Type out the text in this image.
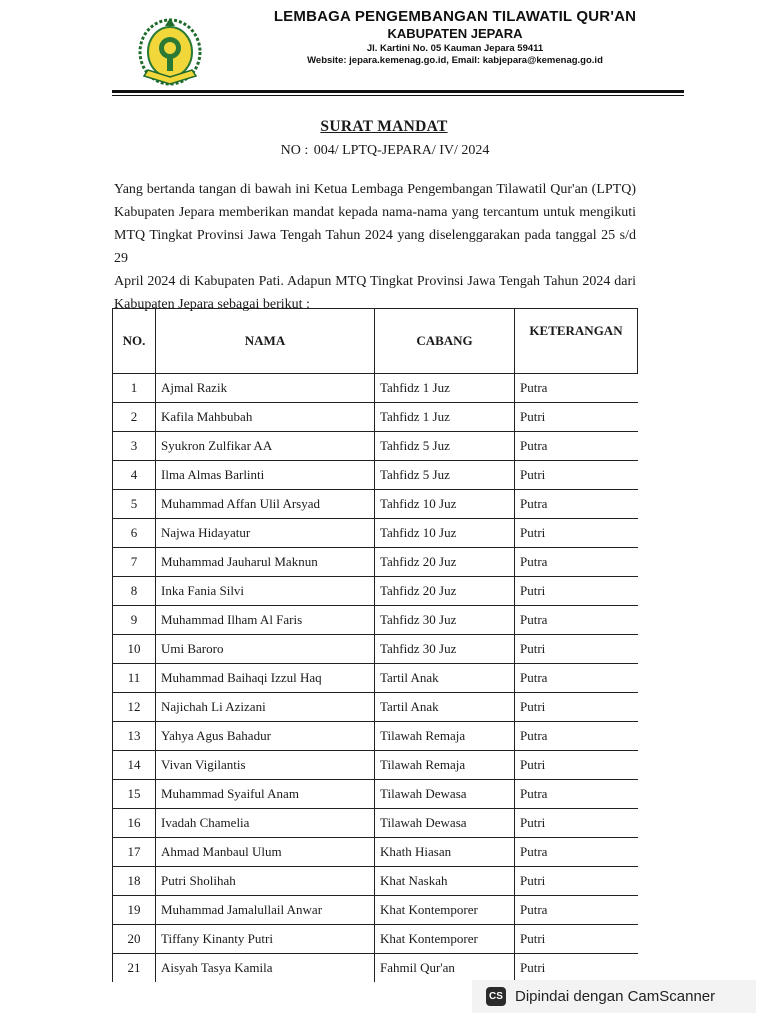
LEMBAGA PENGEMBANGAN TILAWATIL QUR'AN
KABUPATEN JEPARA
Jl. Kartini No. 05 Kauman Jepara 59411
Website: jepara.kemenag.go.id, Email: kabjepara@kemenag.go.id
SURAT MANDAT
NO : 004/ LPTQ-JEPARA/ IV/ 2024
Yang bertanda tangan di bawah ini Ketua Lembaga Pengembangan Tilawatil Qur'an (LPTQ)
Kabupaten Jepara memberikan mandat kepada nama-nama yang tercantum untuk mengikuti
MTQ Tingkat Provinsi Jawa Tengah Tahun 2024 yang diselenggarakan pada tanggal 25 s/d 29
April 2024 di Kabupaten Pati. Adapun MTQ Tingkat Provinsi Jawa Tengah Tahun 2024 dari
Kabupaten Jepara sebagai berikut :
NO.	NAMA	CABANG	KETERANGAN
1	Ajmal Razik	Tahfidz 1 Juz	Putra
2	Kafila Mahbubah	Tahfidz 1 Juz	Putri
3	Syukron Zulfikar AA	Tahfidz 5 Juz	Putra
4	Ilma Almas Barlinti	Tahfidz 5 Juz	Putri
5	Muhammad Affan Ulil Arsyad	Tahfidz 10 Juz	Putra
6	Najwa Hidayatur	Tahfidz 10 Juz	Putri
7	Muhammad Jauharul Maknun	Tahfidz 20 Juz	Putra
8	Inka Fania Silvi	Tahfidz 20 Juz	Putri
9	Muhammad Ilham Al Faris	Tahfidz 30 Juz	Putra
10	Umi Baroro	Tahfidz 30 Juz	Putri
11	Muhammad Baihaqi Izzul Haq	Tartil Anak	Putra
12	Najichah Li Azizani	Tartil Anak	Putri
13	Yahya Agus Bahadur	Tilawah Remaja	Putra
14	Vivan Vigilantis	Tilawah Remaja	Putri
15	Muhammad Syaiful Anam	Tilawah Dewasa	Putra
16	Ivadah Chamelia	Tilawah Dewasa	Putri
17	Ahmad Manbaul Ulum	Khath Hiasan	Putra
18	Putri Sholihah	Khat Naskah	Putri
19	Muhammad Jamalullail Anwar	Khat Kontemporer	Putra
20	Tiffany Kinanty Putri	Khat Kontemporer	Putri
21	Aisyah Tasya Kamila	Fahmil Qur'an	Putri
CS Dipindai dengan CamScanner
